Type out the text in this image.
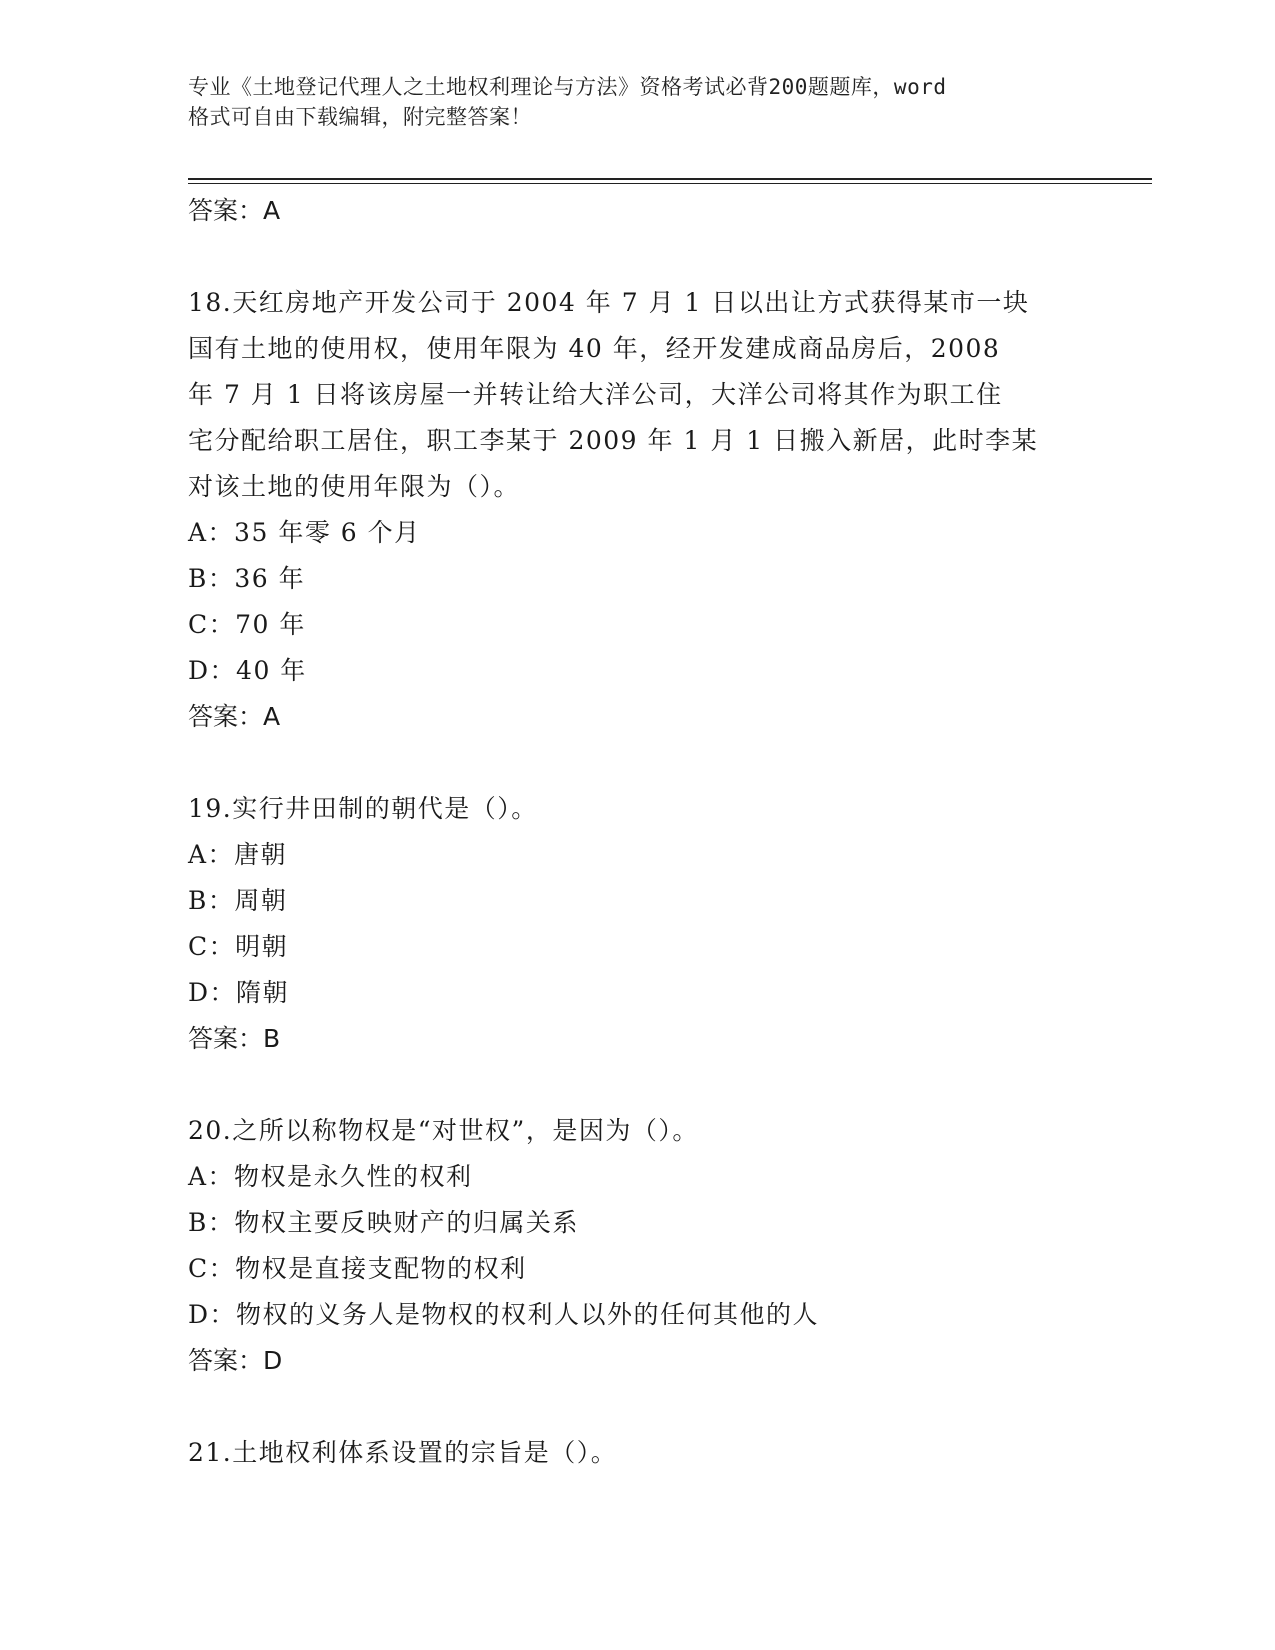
专业《土地登记代理人之土地权利理论与方法》资格考试必背200题题库，word
格式可自由下载编辑，附完整答案！
答案：A
18.天红房地产开发公司于 2004 年 7 月 1 日以出让方式获得某市一块
国有土地的使用权，使用年限为 40 年，经开发建成商品房后，2008
年 7 月 1 日将该房屋一并转让给大洋公司，大洋公司将其作为职工住
宅分配给职工居住，职工李某于 2009 年 1 月 1 日搬入新居，此时李某
对该土地的使用年限为（）。
A：35 年零 6 个月
B：36 年
C：70 年
D：40 年
答案：A
19.实行井田制的朝代是（）。
A：唐朝
B：周朝
C：明朝
D：隋朝
答案：B
20.之所以称物权是“对世权”，是因为（）。
A：物权是永久性的权利
B：物权主要反映财产的归属关系
C：物权是直接支配物的权利
D：物权的义务人是物权的权利人以外的任何其他的人
答案：D
21.土地权利体系设置的宗旨是（）。
